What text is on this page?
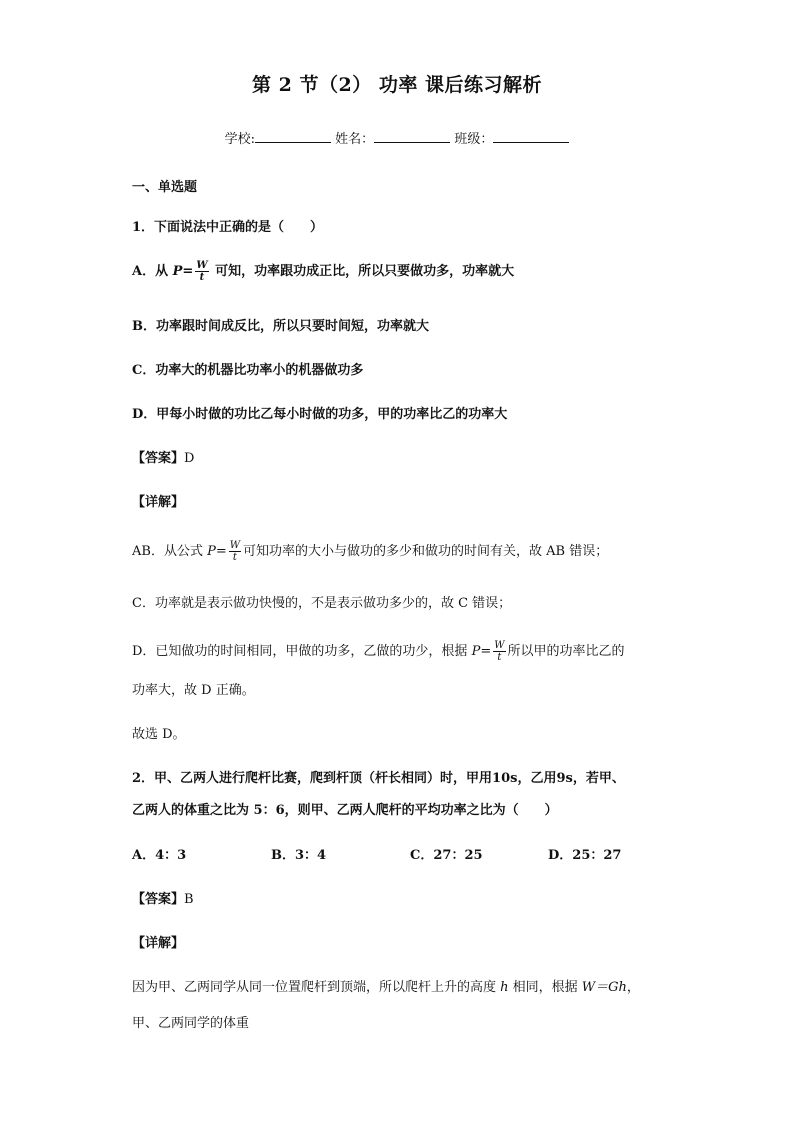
第 2 节（2） 功率 课后练习解析
学校:	姓名：	班级：
一、单选题
1．下面说法中正确的是（　　）
A．从 $P= \frac{W}{t}$ 可知，功率跟功成正比，所以只要做功多，功率就大
B．功率跟时间成反比，所以只要时间短，功率就大
C．功率大的机器比功率小的机器做功多
D．甲每小时做的功比乙每小时做的功多，甲的功率比乙的功率大
【答案】D
【详解】
AB．从公式 $P= \frac{W}{t}$ 可知功率的大小与做功的多少和做功的时间有关，故 AB 错误；
C．功率就是表示做功快慢的，不是表示做功多少的，故 C 错误；
D．已知做功的时间相同，甲做的功多，乙做的功少，根据 $P= \frac{W}{t}$ 所以甲的功率比乙的
功率大，故 D 正确。
故选 D。
2．甲、乙两人进行爬杆比赛，爬到杆顶（杆长相同）时，甲用10s，乙用9s，若甲、
乙两人的体重之比为 5：6，则甲、乙两人爬杆的平均功率之比为（　　）
A．4：3	B．3：4	C．27：25	D．25：27
【答案】B
【详解】
因为甲、乙两同学从同一位置爬杆到顶端，所以爬杆上升的高度 h 相同，根据 W＝Gh，
甲、乙两同学的体重
